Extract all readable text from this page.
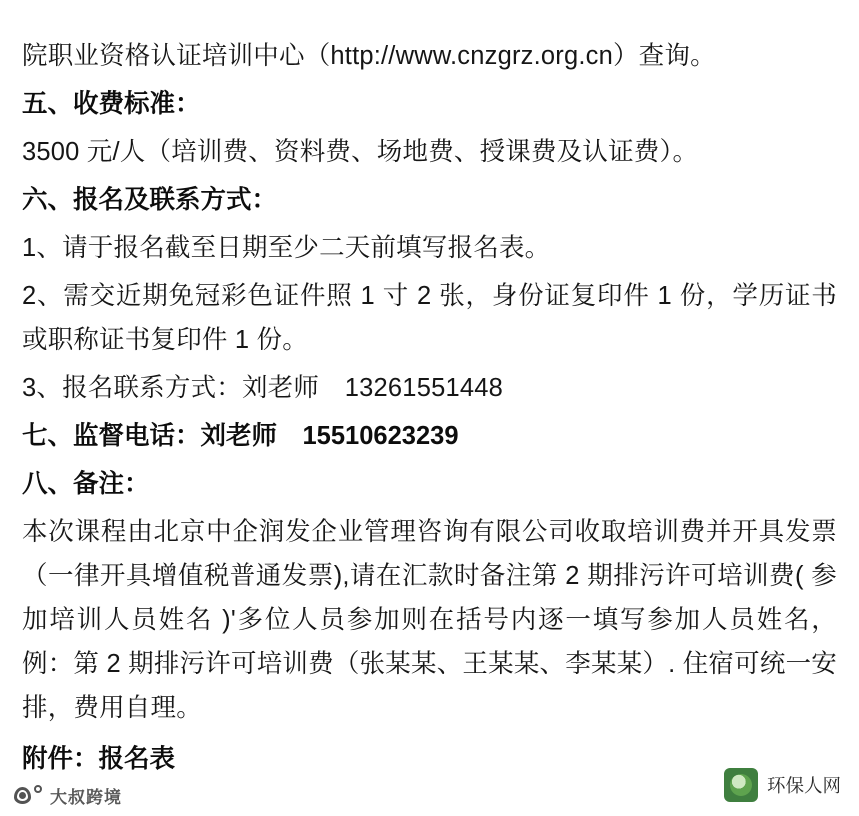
院职业资格认证培训中心（http://www.cnzgrz.org.cn）查询。
五、收费标准：
3500 元/人（培训费、资料费、场地费、授课费及认证费）。
六、报名及联系方式：
1、请于报名截至日期至少二天前填写报名表。
2、需交近期免冠彩色证件照 1 寸 2 张，身份证复印件 1 份，学历证书或职称证书复印件 1 份。
3、报名联系方式：刘老师　13261551448
七、监督电话：刘老师　15510623239
八、备注：
本次课程由北京中企润发企业管理咨询有限公司收取培训费并开具发票（一律开具增值税普通发票),请在汇款时备注第 2 期排污许可培训费( 参加培训人员姓名 )'多位人员参加则在括号内逐一填写参加人员姓名，例：第 2 期排污许可培训费（张某某、王某某、李某某）. 住宿可统一安排，费用自理。
附件：报名表
大叔跨境
环保人网
